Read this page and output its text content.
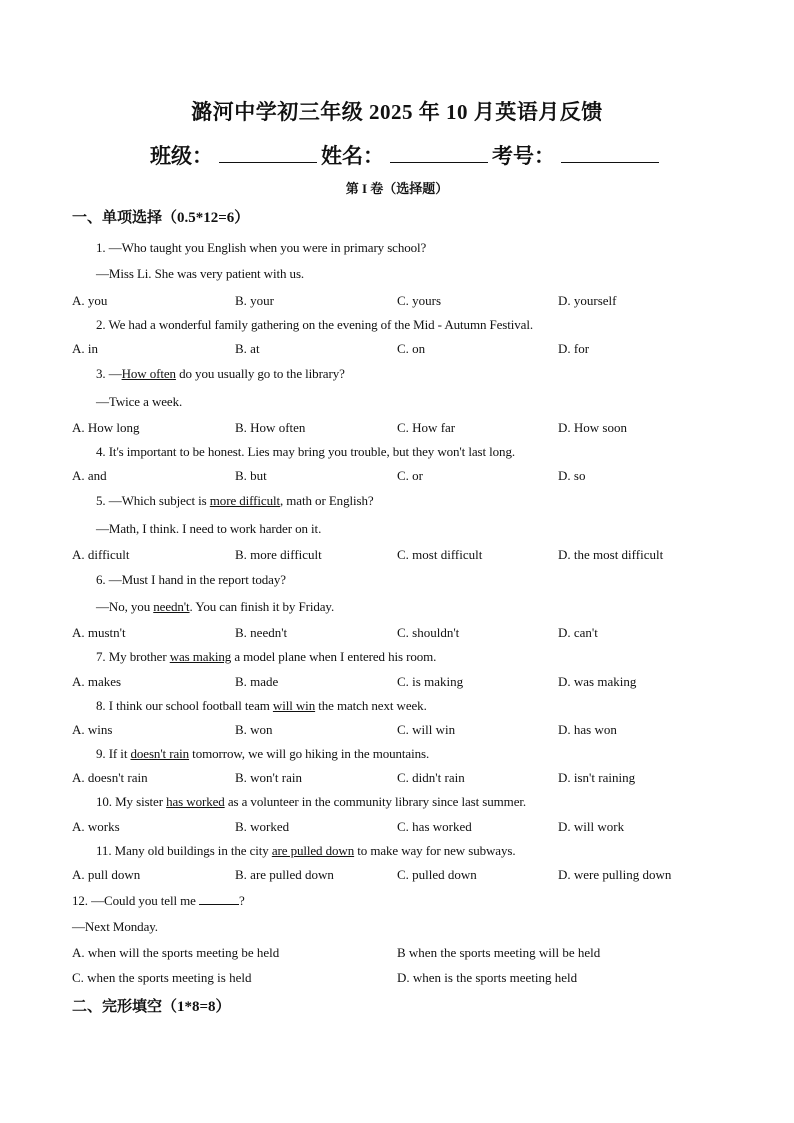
潞河中学初三年级 2025 年 10 月英语月反馈
班级：	姓名：	考号：
第 I 卷（选择题）
一、单项选择（0.5*12=6）
1. —Who taught you English when you were in primary school?
—Miss Li. She was very patient with us.
A. you	B. your	C. yours	D. yourself
2. We had a wonderful family gathering on the evening of the Mid - Autumn Festival.
A. in	B. at	C. on	D. for
3. —How often do you usually go to the library?
—Twice a week.
A. How long	B. How often	C. How far	D. How soon
4. It's important to be honest. Lies may bring you trouble, but they won't last long.
A. and	B. but	C. or	D. so
5. —Which subject is more difficult, math or English?
—Math, I think. I need to work harder on it.
A. difficult	B. more difficult	C. most difficult	D. the most difficult
6. —Must I hand in the report today?
—No, you needn't. You can finish it by Friday.
A. mustn't	B. needn't	C. shouldn't	D. can't
7. My brother was making a model plane when I entered his room.
A. makes	B. made	C. is making	D. was making
8. I think our school football team will win the match next week.
A. wins	B. won	C. will win	D. has won
9. If it doesn't rain tomorrow, we will go hiking in the mountains.
A. doesn't rain	B. won't rain	C. didn't rain	D. isn't raining
10. My sister has worked as a volunteer in the community library since last summer.
A. works	B. worked	C. has worked	D. will work
11. Many old buildings in the city are pulled down to make way for new subways.
A. pull down	B. are pulled down	C. pulled down	D. were pulling down
12. —Could you tell me	?
—Next Monday.
A. when will the sports meeting be held	B when the sports meeting will be held
C. when the sports meeting is held	D. when is the sports meeting held
二、完形填空（1*8=8）
